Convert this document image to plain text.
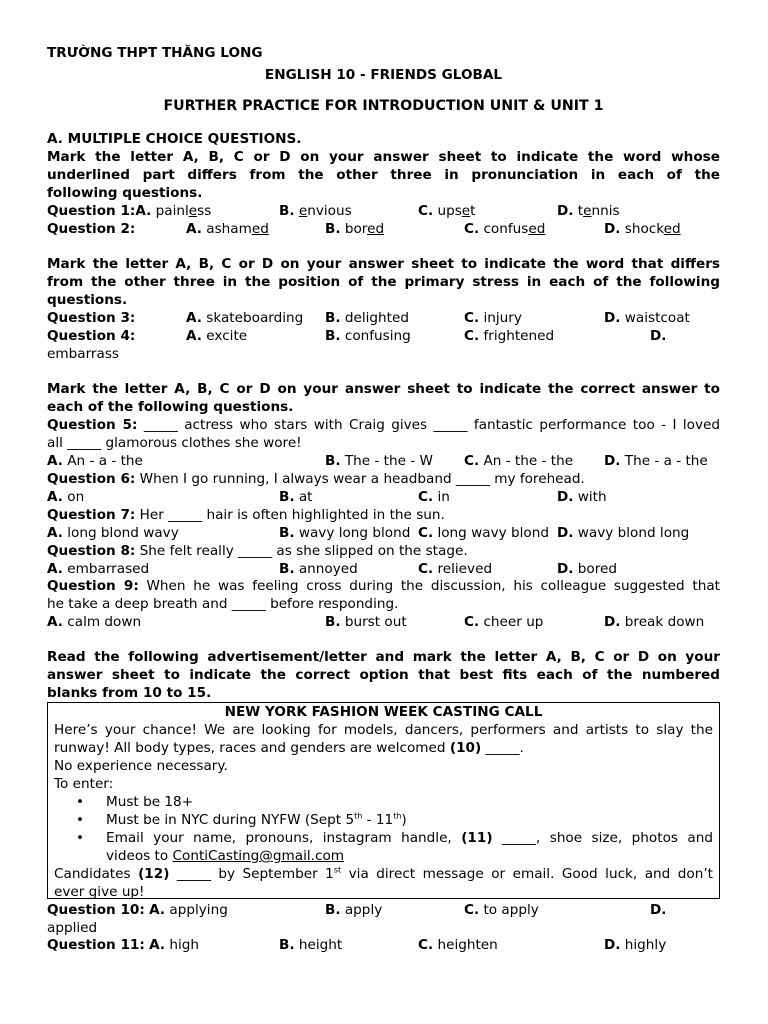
TRƯỜNG THPT THĂNG LONG
ENGLISH 10 - FRIENDS GLOBAL
FURTHER PRACTICE FOR INTRODUCTION UNIT & UNIT 1
A. MULTIPLE CHOICE QUESTIONS.
Mark the letter A, B, C or D on your answer sheet to indicate the word whose
underlined part differs from the other three in pronunciation in each of the
following questions.
Question 1:A. painless	B. envious	C. upset	D. tennis
Question 2:	A. ashamed	B. bored	C. confused	D. shocked
Mark the letter A, B, C or D on your answer sheet to indicate the word that differs
from the other three in the position of the primary stress in each of the following
questions.
Question 3:	A. skateboarding B. delighted	C. injury	D. waistcoat
Question 4:	A. excite	B. confusing	C. frightened	D.
embarrass
Mark the letter A, B, C or D on your answer sheet to indicate the correct answer to
each of the following questions.
Question 5: _____ actress who stars with Craig gives _____ fantastic performance too - I loved
all _____ glamorous clothes she wore!
A. An - a - the	B. The - the - W C. An - the - the D. The - a - the
Question 6: When I go running, I always wear a headband _____ my forehead.
A. on	B. at	C. in	D. with
Question 7: Her _____ hair is often highlighted in the sun.
A. long blond wavy	B. wavy long blond C. long wavy blond D. wavy blond long
Question 8: She felt really _____ as she slipped on the stage.
A. embarrased	B. annoyed	C. relieved	D. bored
Question 9: When he was feeling cross during the discussion, his colleague suggested that
he take a deep breath and _____ before responding.
A. calm down	B. burst out	C. cheer up	D. break down
Read the following advertisement/letter and mark the letter A, B, C or D on your
answer sheet to indicate the correct option that best fits each of the numbered
blanks from 10 to 15.
NEW YORK FASHION WEEK CASTING CALL
Here’s your chance! We are looking for models, dancers, performers and artists to slay the
runway! All body types, races and genders are welcomed (10) _____.
No experience necessary.
To enter:
• Must be 18+
• Must be in NYC during NYFW (Sept 5th - 11th)
• Email your name, pronouns, instagram handle, (11) _____, shoe size, photos and
videos to ContiCasting@gmail.com
Candidates (12) _____ by September 1st via direct message or email. Good luck, and don’t
ever give up!
Question 10: A. applying	B. apply	C. to apply	D.
applied
Question 11: A. high	B. height	C. heighten	D. highly
